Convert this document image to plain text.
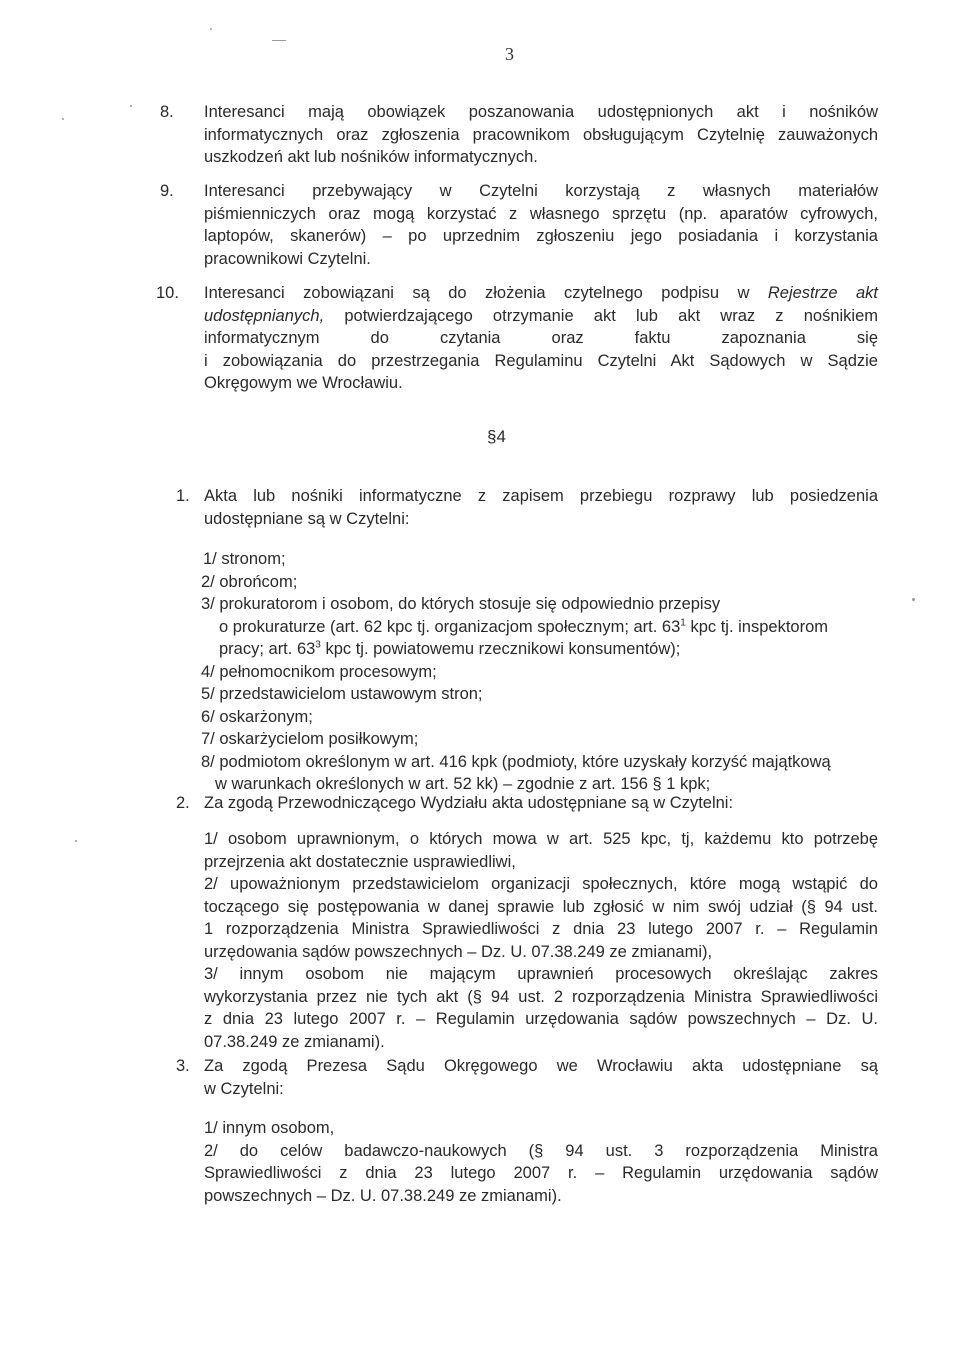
3
8. Interesanci mają obowiązek poszanowania udostępnionych akt i nośników
informatycznych oraz zgłoszenia pracownikom obsługującym Czytelnię zauważonych
uszkodzeń akt lub nośników informatycznych.
9. Interesanci przebywający w Czytelni korzystają z własnych materiałów
piśmienniczych oraz mogą korzystać z własnego sprzętu (np. aparatów cyfrowych,
laptopów, skanerów) – po uprzednim zgłoszeniu jego posiadania i korzystania
pracownikowi Czytelni.
10. Interesanci zobowiązani są do złożenia czytelnego podpisu w Rejestrze akt
udostępnianych, potwierdzającego otrzymanie akt lub akt wraz z nośnikiem
informatycznym do czytania oraz faktu zapoznania się
i zobowiązania do przestrzegania Regulaminu Czytelni Akt Sądowych w Sądzie
Okręgowym we Wrocławiu.
§4
1. Akta lub nośniki informatyczne z zapisem przebiegu rozprawy lub posiedzenia
udostępniane są w Czytelni:
1/ stronom;
2/ obrońcom;
3/ prokuratorom i osobom, do których stosuje się odpowiednio przepisy
o prokuraturze (art. 62 kpc tj. organizacjom społecznym; art. $63^1$ kpc tj. inspektorom
pracy; art. $63^3$ kpc tj. powiatowemu rzecznikowi konsumentów);
4/ pełnomocnikom procesowym;
5/ przedstawicielom ustawowym stron;
6/ oskarżonym;
7/ oskarżycielom posiłkowym;
8/ podmiotom określonym w art. 416 kpk (podmioty, które uzyskały korzyść majątkową
w warunkach określonych w art. 52 kk) – zgodnie z art. 156 § 1 kpk;
2. Za zgodą Przewodniczącego Wydziału akta udostępniane są w Czytelni:
1/ osobom uprawnionym, o których mowa w art. 525 kpc, tj, każdemu kto potrzebę
przejrzenia akt dostatecznie usprawiedliwi,
2/ upoważnionym przedstawicielom organizacji społecznych, które mogą wstąpić do
toczącego się postępowania w danej sprawie lub zgłosić w nim swój udział (§ 94 ust.
1 rozporządzenia Ministra Sprawiedliwości z dnia 23 lutego 2007 r. – Regulamin
urzędowania sądów powszechnych – Dz. U. 07.38.249 ze zmianami),
3/ innym osobom nie mającym uprawnień procesowych określając zakres
wykorzystania przez nie tych akt (§ 94 ust. 2 rozporządzenia Ministra Sprawiedliwości
z dnia 23 lutego 2007 r. – Regulamin urzędowania sądów powszechnych – Dz. U.
07.38.249 ze zmianami).
3. Za zgodą Prezesa Sądu Okręgowego we Wrocławiu akta udostępniane są
w Czytelni:
1/ innym osobom,
2/ do celów badawczo-naukowych (§ 94 ust. 3 rozporządzenia Ministra
Sprawiedliwości z dnia 23 lutego 2007 r. – Regulamin urzędowania sądów
powszechnych – Dz. U. 07.38.249 ze zmianami).
